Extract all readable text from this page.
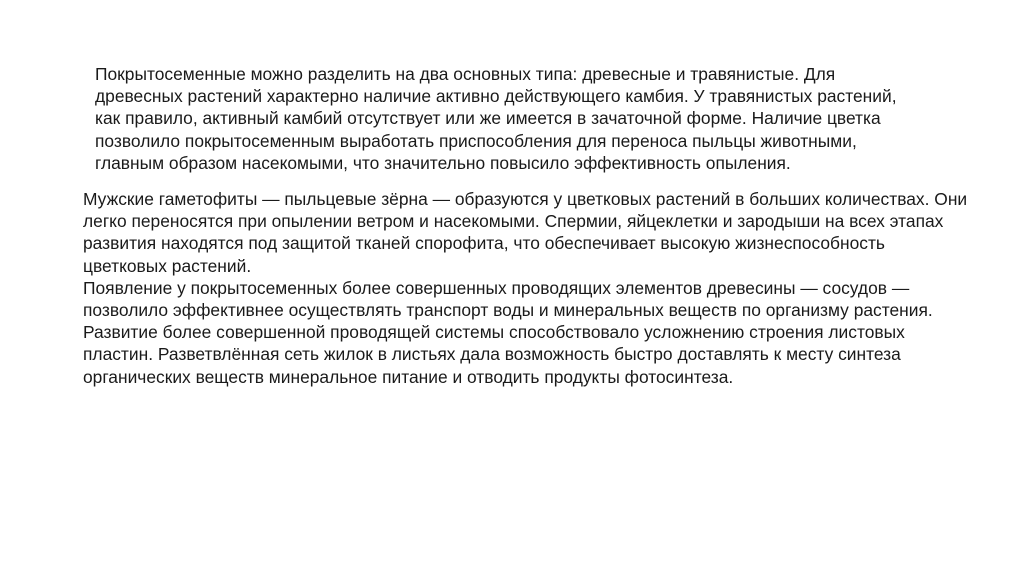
Покрытосеменные можно разделить на два основных типа: древесные и травянистые. Для древесных растений характерно наличие активно действующего камбия. У травянистых растений, как правило, активный камбий отсутствует или же имеется в зачаточной форме. Наличие цветка позволило покрытосеменным выработать приспособления для переноса пыльцы животными, главным образом насекомыми, что значительно повысило эффективность опыления.

Мужские гаметофиты — пыльцевые зёрна — образуются у цветковых растений в больших количествах. Они легко переносятся при опылении ветром и насекомыми. Спермии, яйцеклетки и зародыши на всех этапах развития находятся под защитой тканей спорофита, что обеспечивает высокую жизнеспособность цветковых растений.

Появление у покрытосеменных более совершенных проводящих элементов древесины — сосудов — позволило эффективнее осуществлять транспорт воды и минеральных веществ по организму растения. Развитие более совершенной проводящей системы способствовало усложнению строения листовых пластин. Разветвлённая сеть жилок в листьях дала возможность быстро доставлять к месту синтеза органических веществ минеральное питание и отводить продукты фотосинтеза.
